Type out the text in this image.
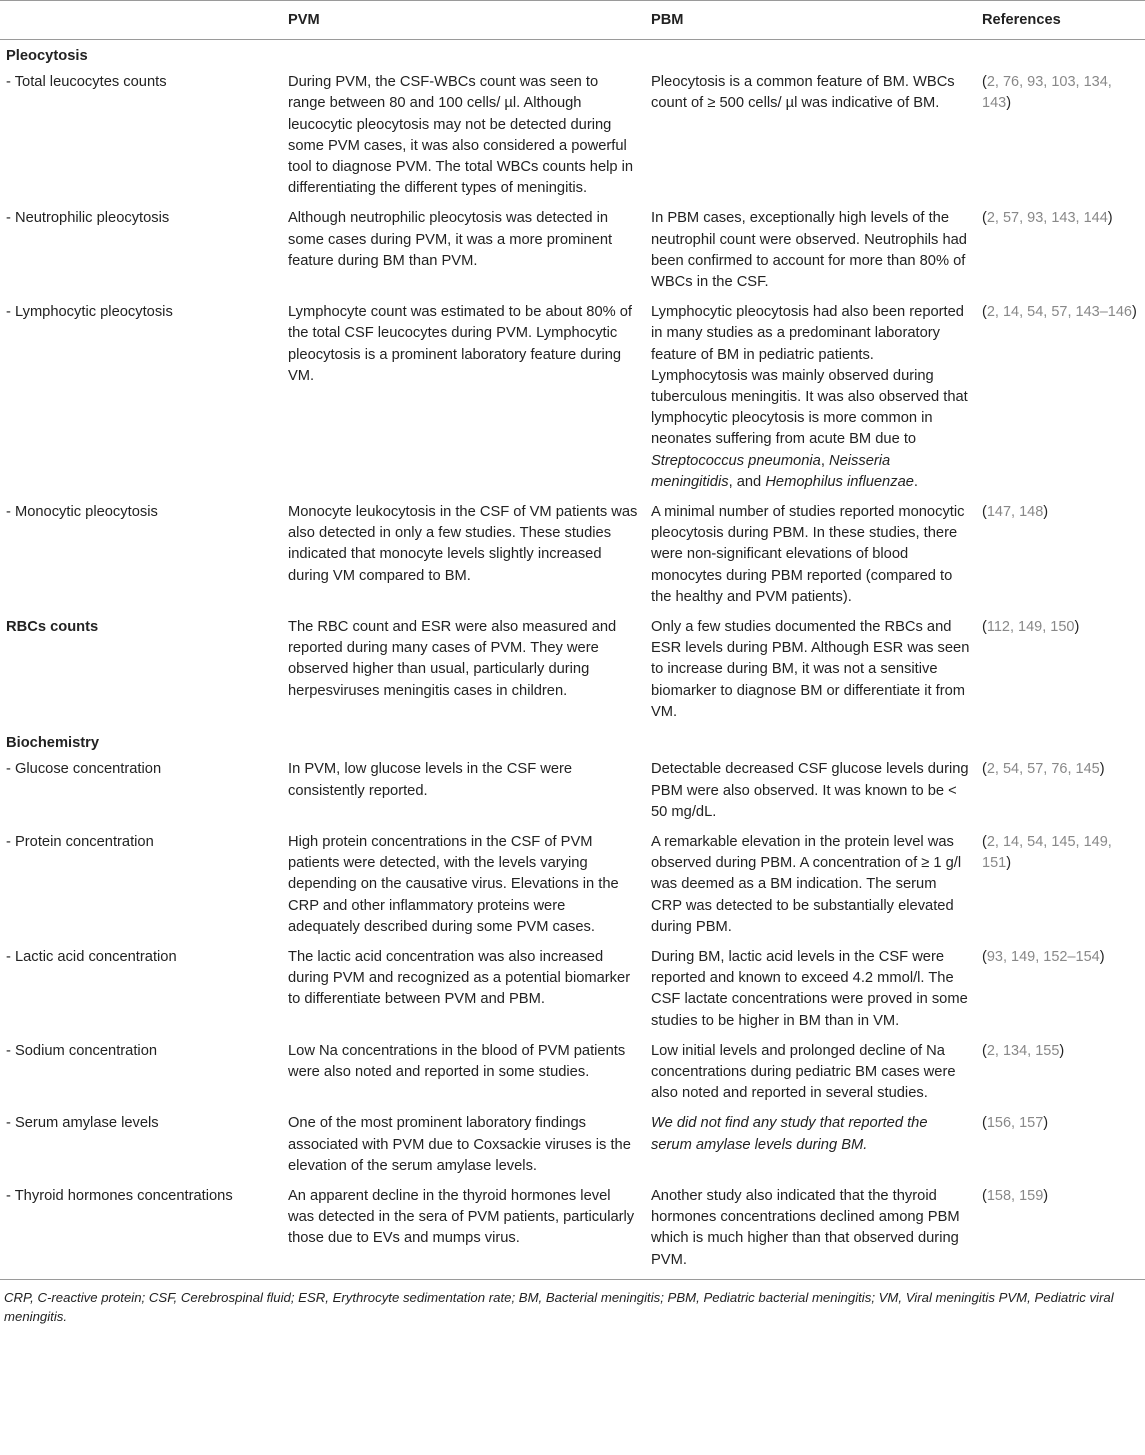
	PVM	PBM	References
Pleocytosis			
- Total leucocytes counts	During PVM, the CSF-WBCs count was seen to range between 80 and 100 cells/ µl. Although leucocytic pleocytosis may not be detected during some PVM cases, it was also considered a powerful tool to diagnose PVM. The total WBCs counts help in differentiating the different types of meningitis.	Pleocytosis is a common feature of BM. WBCs count of ≥ 500 cells/ µl was indicative of BM.	(2, 76, 93, 103, 134, 143)
- Neutrophilic pleocytosis	Although neutrophilic pleocytosis was detected in some cases during PVM, it was a more prominent feature during BM than PVM.	In PBM cases, exceptionally high levels of the neutrophil count were observed. Neutrophils had been confirmed to account for more than 80% of WBCs in the CSF.	(2, 57, 93, 143, 144)
- Lymphocytic pleocytosis	Lymphocyte count was estimated to be about 80% of the total CSF leucocytes during PVM. Lymphocytic pleocytosis is a prominent laboratory feature during VM.	Lymphocytic pleocytosis had also been reported in many studies as a predominant laboratory feature of BM in pediatric patients. Lymphocytosis was mainly observed during tuberculous meningitis. It was also observed that lymphocytic pleocytosis is more common in neonates suffering from acute BM due to Streptococcus pneumonia, Neisseria meningitidis, and Hemophilus influenzae.	(2, 14, 54, 57, 143–146)
- Monocytic pleocytosis	Monocyte leukocytosis in the CSF of VM patients was also detected in only a few studies. These studies indicated that monocyte levels slightly increased during VM compared to BM.	A minimal number of studies reported monocytic pleocytosis during PBM. In these studies, there were non-significant elevations of blood monocytes during PBM reported (compared to the healthy and PVM patients).	(147, 148)
RBCs counts	The RBC count and ESR were also measured and reported during many cases of PVM. They were observed higher than usual, particularly during herpesviruses meningitis cases in children.	Only a few studies documented the RBCs and ESR levels during PBM. Although ESR was seen to increase during BM, it was not a sensitive biomarker to diagnose BM or differentiate it from VM.	(112, 149, 150)
Biochemistry			
- Glucose concentration	In PVM, low glucose levels in the CSF were consistently reported.	Detectable decreased CSF glucose levels during PBM were also observed. It was known to be < 50 mg/dL.	(2, 54, 57, 76, 145)
- Protein concentration	High protein concentrations in the CSF of PVM patients were detected, with the levels varying depending on the causative virus. Elevations in the CRP and other inflammatory proteins were adequately described during some PVM cases.	A remarkable elevation in the protein level was observed during PBM. A concentration of ≥ 1 g/l was deemed as a BM indication. The serum CRP was detected to be substantially elevated during PBM.	(2, 14, 54, 145, 149, 151)
- Lactic acid concentration	The lactic acid concentration was also increased during PVM and recognized as a potential biomarker to differentiate between PVM and PBM.	During BM, lactic acid levels in the CSF were reported and known to exceed 4.2 mmol/l. The CSF lactate concentrations were proved in some studies to be higher in BM than in VM.	(93, 149, 152–154)
- Sodium concentration	Low Na concentrations in the blood of PVM patients were also noted and reported in some studies.	Low initial levels and prolonged decline of Na concentrations during pediatric BM cases were also noted and reported in several studies.	(2, 134, 155)
- Serum amylase levels	One of the most prominent laboratory findings associated with PVM due to Coxsackie viruses is the elevation of the serum amylase levels.	We did not find any study that reported the serum amylase levels during BM.	(156, 157)
- Thyroid hormones concentrations	An apparent decline in the thyroid hormones level was detected in the sera of PVM patients, particularly those due to EVs and mumps virus.	Another study also indicated that the thyroid hormones concentrations declined among PBM which is much higher than that observed during PVM.	(158, 159)
CRP, C-reactive protein; CSF, Cerebrospinal fluid; ESR, Erythrocyte sedimentation rate; BM, Bacterial meningitis; PBM, Pediatric bacterial meningitis; VM, Viral meningitis PVM, Pediatric viral meningitis.
